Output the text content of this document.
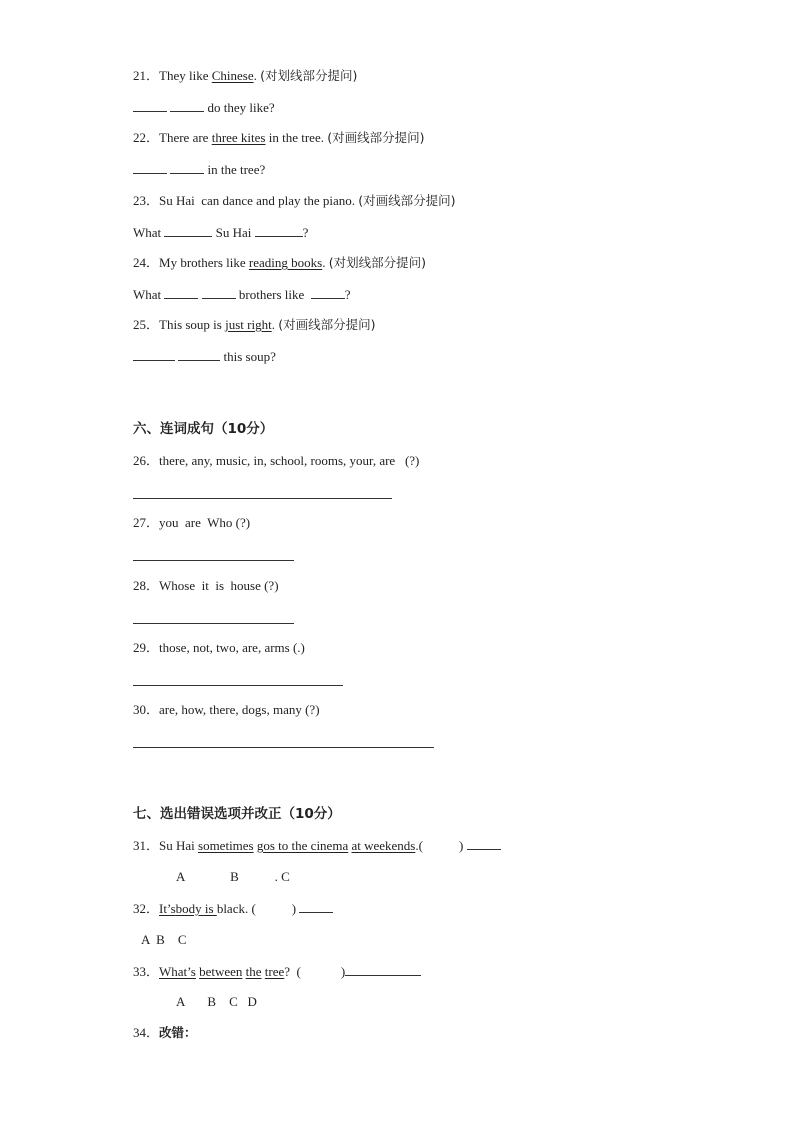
21．They like Chinese. (对划线部分提问)
do they like?
22．There are three kites in the tree. (对画线部分提问)
in the tree?
23．Su Hai  can dance and play the piano. (对画线部分提问)
What	Su Hai	?
24．My brothers like reading books. (对划线部分提问)
What	brothers like	?
25．This soup is just right. (对画线部分提问)
this soup?
六、连词成句（10分）
26．there, any, music, in, school, rooms, your, are   (?)
27．you  are  Who (?)
28．Whose  it  is  house (?)
29．those, not, two, are, arms (.)
30．are, how, there, dogs, many (?)
七、选出错误选项并改正（10分）
31．Su Hai sometimes gos to the cinema at weekends.(	)
A              B           . C
32．It’sbody is black. (	)
A  B    C
33．What’s between the tree?  (	)
A       B    C   D
34．改错：
